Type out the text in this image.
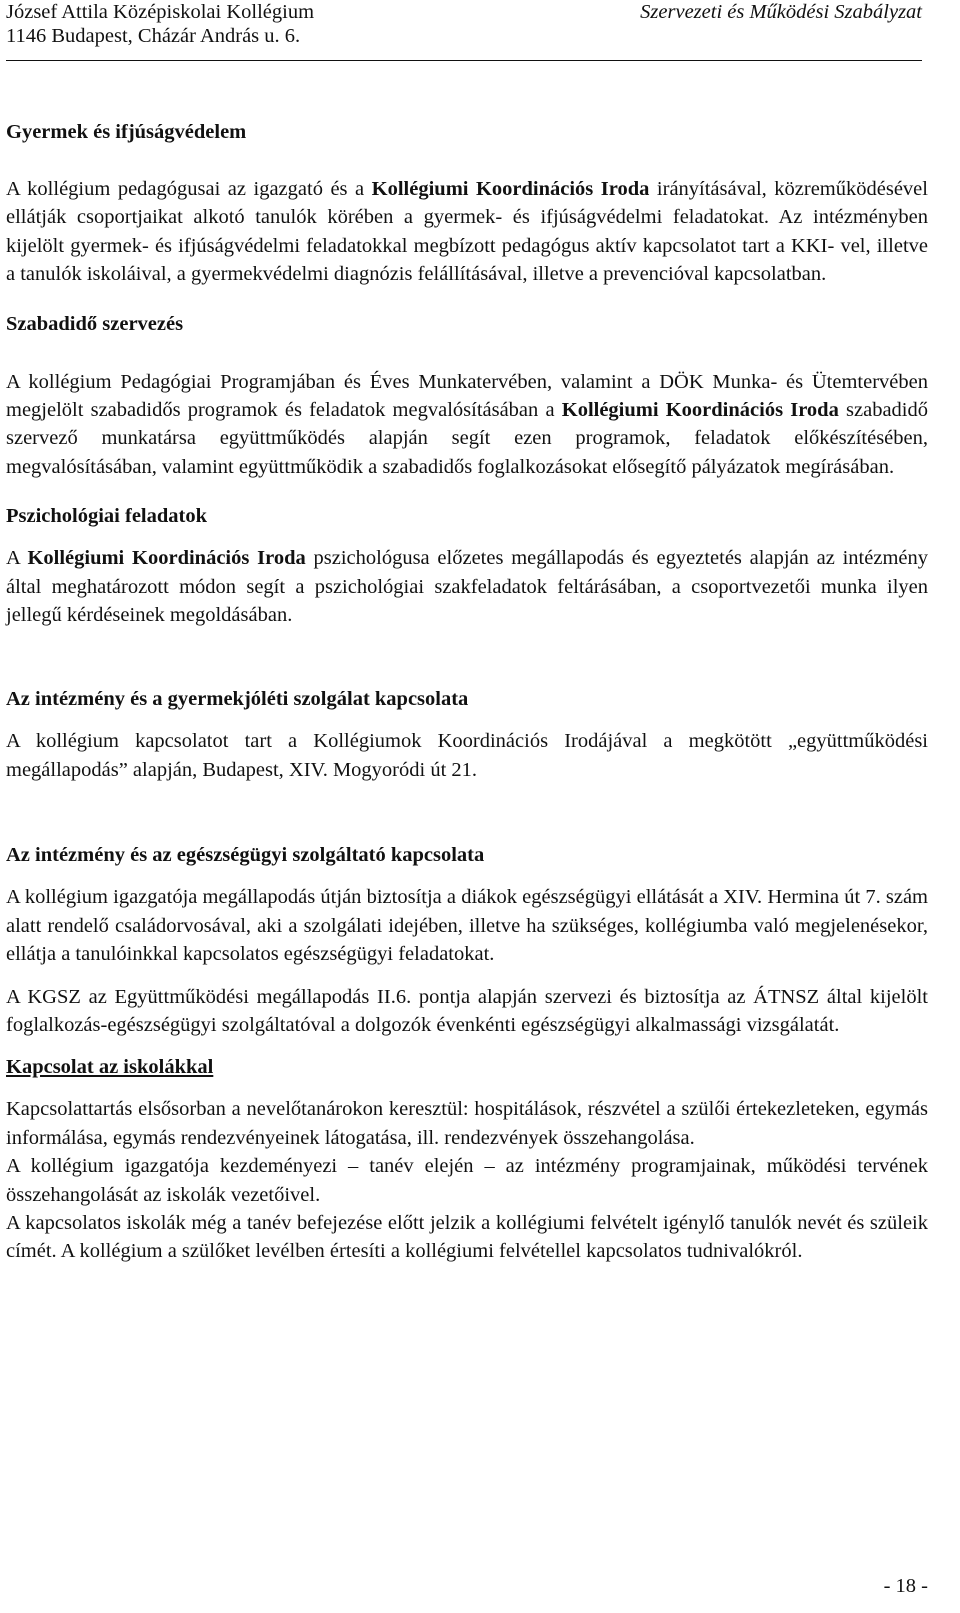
József Attila Középiskolai Kollégium
1146 Budapest, Cházár András u. 6.
Szervezeti és Működési Szabályzat
Gyermek és ifjúságvédelem

A kollégium pedagógusai az igazgató és a Kollégiumi Koordinációs Iroda irányításával, közreműködésével ellátják csoportjaikat alkotó tanulók körében a gyermek- és ifjúságvédelmi feladatokat. Az intézményben kijelölt gyermek- és ifjúságvédelmi feladatokkal megbízott pedagógus aktív kapcsolatot tart a KKI- vel, illetve a tanulók iskoláival, a gyermekvédelmi diagnózis felállításával, illetve a prevencióval kapcsolatban.

Szabadidő szervezés

A kollégium Pedagógiai Programjában és Éves Munkatervében, valamint a DÖK Munka- és Ütemtervében megjelölt szabadidős programok és feladatok megvalósításában a Kollégiumi Koordinációs Iroda szabadidő szervező munkatársa együttműködés alapján segít ezen programok, feladatok előkészítésében, megvalósításában, valamint együttműködik a szabadidős foglalkozásokat elősegítő pályázatok megírásában.

Pszichológiai feladatok

A Kollégiumi Koordinációs Iroda pszichológusa előzetes megállapodás és egyeztetés alapján az intézmény által meghatározott módon segít a pszichológiai szakfeladatok feltárásában, a csoportvezetői munka ilyen jellegű kérdéseinek megoldásában.

Az intézmény és a gyermekjóléti szolgálat kapcsolata

A kollégium kapcsolatot tart a Kollégiumok Koordinációs Irodájával a megkötött „együttműködési megállapodás” alapján, Budapest, XIV. Mogyoródi út 21.

Az intézmény és az egészségügyi szolgáltató kapcsolata

A kollégium igazgatója megállapodás útján biztosítja a diákok egészségügyi ellátását a XIV. Hermina út 7. szám alatt rendelő családorvosával, aki a szolgálati idejében, illetve ha szükséges, kollégiumba való megjelenésekor, ellátja a tanulóinkkal kapcsolatos egészségügyi feladatokat.

A KGSZ az Együttműködési megállapodás II.6. pontja alapján szervezi és biztosítja az ÁTNSZ által kijelölt foglalkozás-egészségügyi szolgáltatóval a dolgozók évenkénti egészségügyi alkalmassági vizsgálatát.

Kapcsolat az iskolákkal

Kapcsolattartás elsősorban a nevelőtanárokon keresztül: hospitálások, részvétel a szülői értekezleteken, egymás informálása, egymás rendezvényeinek látogatása, ill. rendezvények összehangolása.

A kollégium igazgatója kezdeményezi – tanév elején – az intézmény programjainak, működési tervének összehangolását az iskolák vezetőivel.

A kapcsolatos iskolák még a tanév befejezése előtt jelzik a kollégiumi felvételt igénylő tanulók nevét és szüleik címét. A kollégium a szülőket levélben értesíti a kollégiumi felvétellel kapcsolatos tudnivalókról.

- 18 -
